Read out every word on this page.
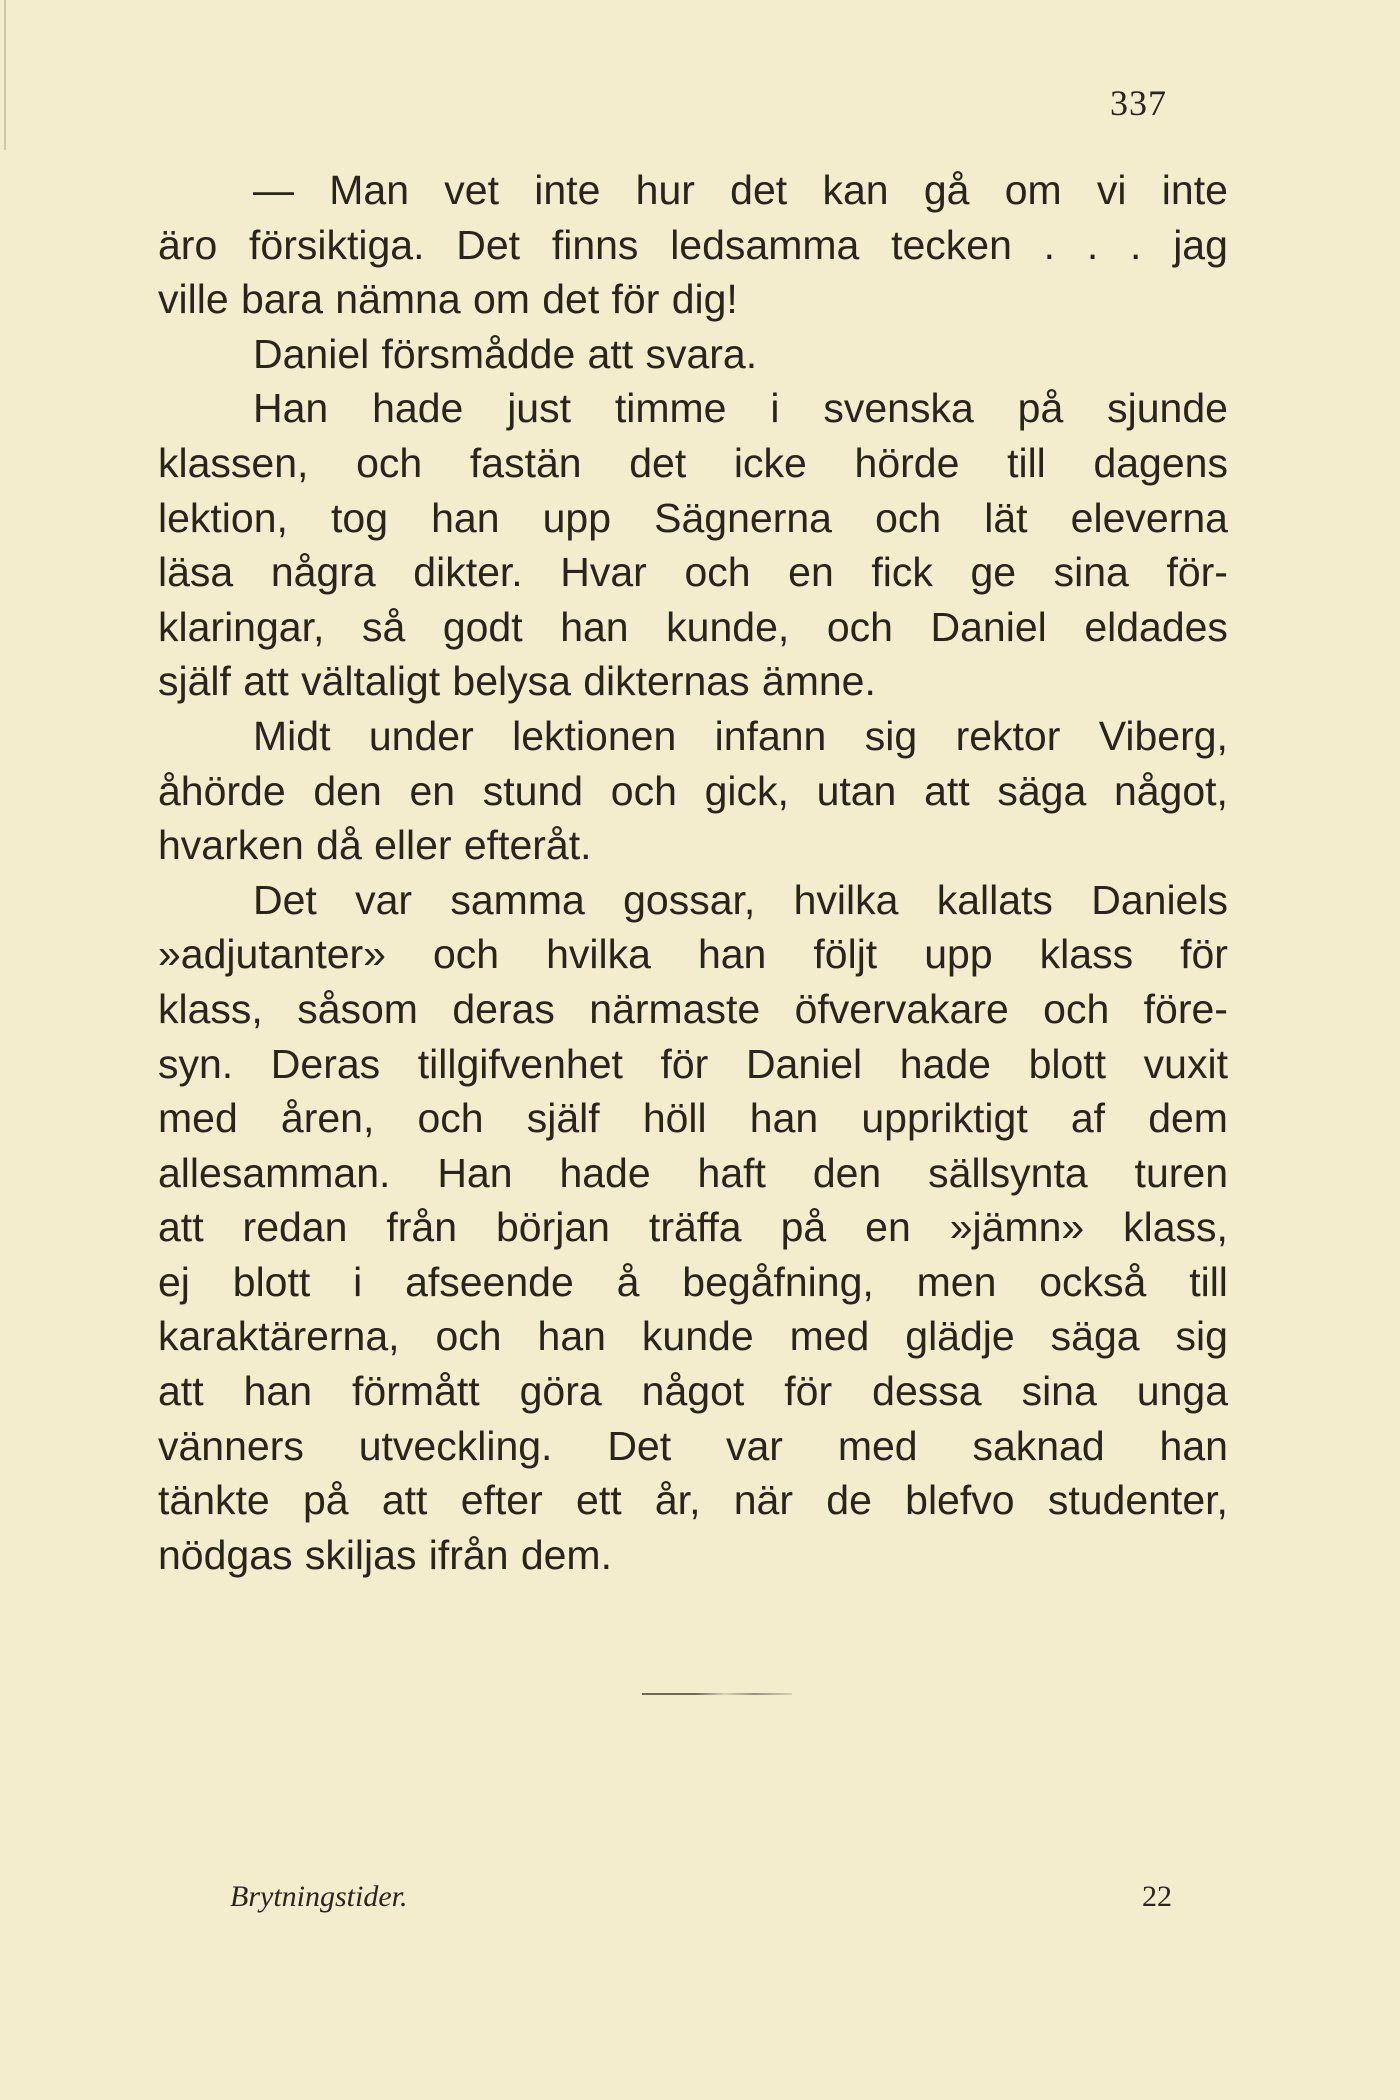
337
— Man vet inte hur det kan gå om vi inte
äro försiktiga. Det finns ledsamma tecken . . . jag
ville bara nämna om det för dig!
Daniel försmådde att svara.
Han hade just timme i svenska på sjunde
klassen, och fastän det icke hörde till dagens
lektion, tog han upp Sägnerna och lät eleverna
läsa några dikter. Hvar och en fick ge sina för-
klaringar, så godt han kunde, och Daniel eldades
själf att vältaligt belysa dikternas ämne.
Midt under lektionen infann sig rektor Viberg,
åhörde den en stund och gick, utan att säga något,
hvarken då eller efteråt.
Det var samma gossar, hvilka kallats Daniels
»adjutanter» och hvilka han följt upp klass för
klass, såsom deras närmaste öfvervakare och före-
syn. Deras tillgifvenhet för Daniel hade blott vuxit
med åren, och själf höll han uppriktigt af dem
allesamman. Han hade haft den sällsynta turen
att redan från början träffa på en »jämn» klass,
ej blott i afseende å begåfning, men också till
karaktärerna, och han kunde med glädje säga sig
att han förmått göra något för dessa sina unga
vänners utveckling. Det var med saknad han
tänkte på att efter ett år, när de blefvo studenter,
nödgas skiljas ifrån dem.
Brytningstider.	22
